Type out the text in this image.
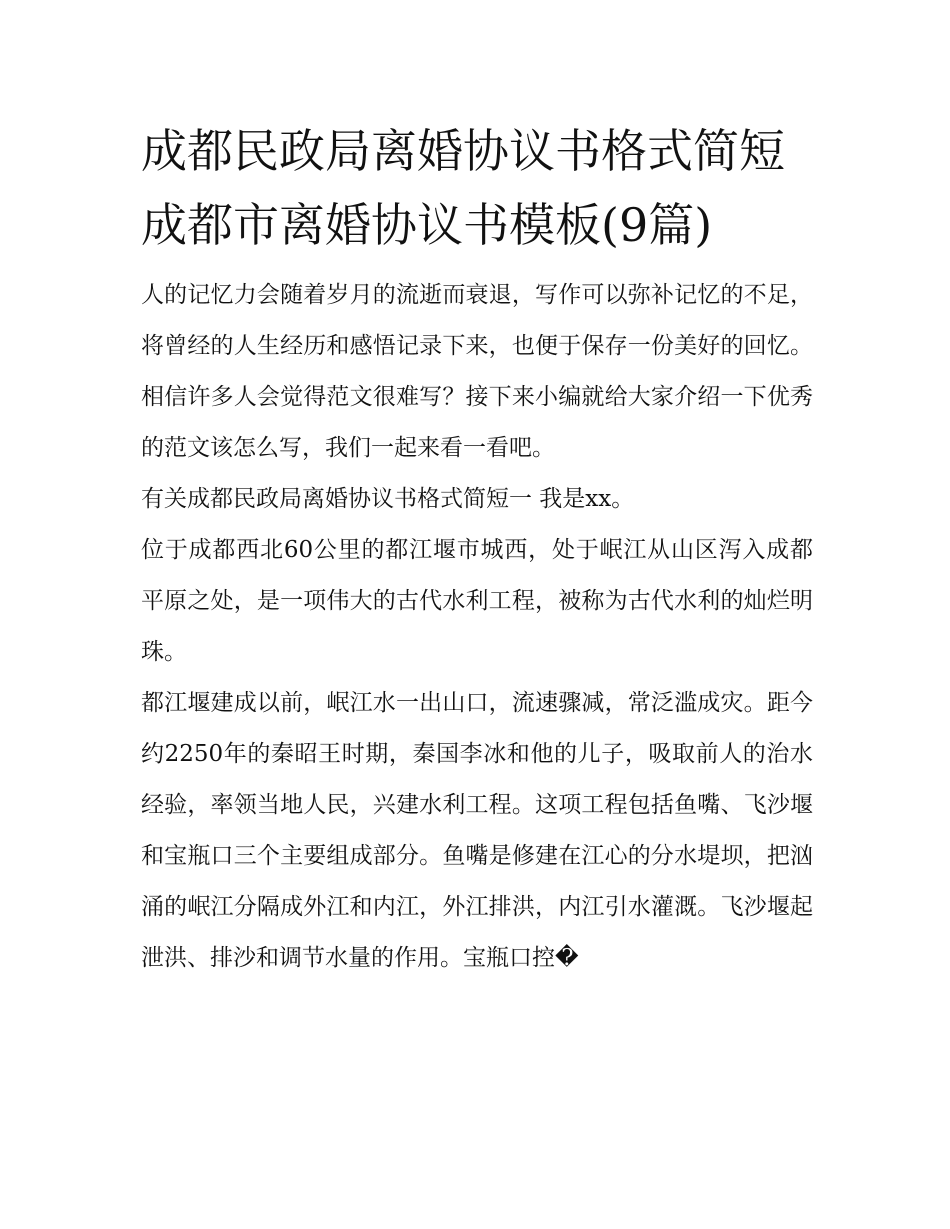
成都民政局离婚协议书格式简短 成都市离婚协议书模板(9篇)

人的记忆力会随着岁月的流逝而衰退，写作可以弥补记忆的不足，将曾经的人生经历和感悟记录下来，也便于保存一份美好的回忆。相信许多人会觉得范文很难写？接下来小编就给大家介绍一下优秀的范文该怎么写，我们一起来看一看吧。

有关成都民政局离婚协议书格式简短一 我是xx。

位于成都西北60公里的都江堰市城西，处于岷江从山区泻入成都平原之处，是一项伟大的古代水利工程，被称为古代水利的灿烂明珠。

都江堰建成以前，岷江水一出山口，流速骤减，常泛滥成灾。距今约2250年的秦昭王时期，秦国李冰和他的儿子，吸取前人的治水经验，率领当地人民，兴建水利工程。这项工程包括鱼嘴、飞沙堰和宝瓶口三个主要组成部分。鱼嘴是修建在江心的分水堤坝，把汹涌的岷江分隔成外江和内江，外江排洪，内江引水灌溉。飞沙堰起泄洪、排沙和调节水量的作用。宝瓶口控�
